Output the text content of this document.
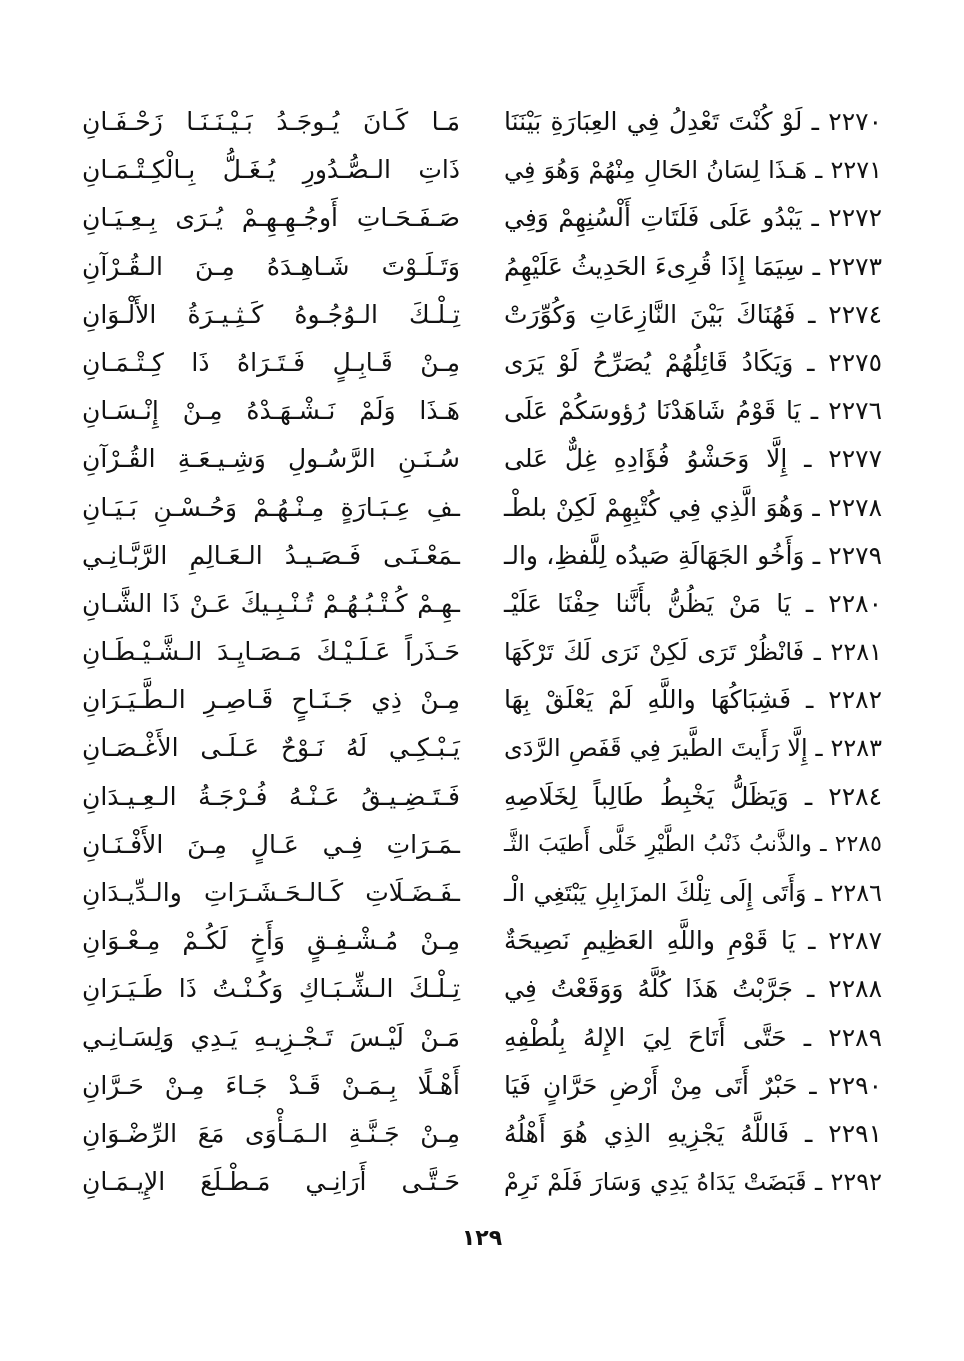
٢٢٧٠ ـ لَوْ كُنْتَ تَعْدِلُ فِي العِبَارَةِ بَيْنَنَا
مَـا كَـانَ يُـوجَـدُ بَـيْـنَـنَـا زَحْـفَـانِ
٢٢٧١ ـ هَـذَا لِسَانُ الحَالِ مِنْهُمْ وَهُوَ فِي
ذَاتِ الـصُّـدُورِ يُـغَـلُّ بِـالْكِـتْـمَـانِ
٢٢٧٢ ـ يَبْدُو عَلَى فَلَتَاتِ أَلْسُنِهِمْ وَفِي
صَـفَـحَـاتِ أَوجُـهِـهِـمْ يُـرَى بِـعِـيَـانِ
٢٢٧٣ ـ سِيَمَا إِذَا قُرِىءَ الحَدِيثُ عَلَيْهِمُ
وَتَـلَـوْتَ شَـاهِـدَهُ مِـنَ الـقُـرْآنِ
٢٢٧٤ ـ فَهُنَاكَ بَيْنَ النَّازِعَاتِ وَكُوِّرَتْ
تِـلْـكَ الـوُجُـوهُ كَـثِـيـرَةُ الأَلْـوَانِ
٢٢٧٥ ـ وَيَكَادُ قَائِلُهُمْ يُصَرِّحُ لَوْ يَرَى
مِـنْ قَـابِـلٍ فَـتَـرَاهُ ذَا كِـتْـمَـانِ
٢٢٧٦ ـ يَا قَوْمُ شَاهَدْنَا رُؤوسَكُمْ عَلَى
هَـذَا وَلَمْ نَـشْـهَـدْهُ مِـنْ إِنْـسَـانِ
٢٢٧٧ ـ إِلَّا وَحَشْوُ فُؤَادِهِ غِلٌّ عَلى
سُـنَـنِ الرَّسُـولِ وَشِـيـعَـةِ القُـرْآنِ
٢٢٧٨ ـ وَهُوَ الَّذِي فِي كُتْبِهِمْ لَكِنْ بلطْـ
ـفِ عِـبَـارَةٍ مِـنْـهُـمْ وَحُـسْـنِ بَـيَـانِ
٢٢٧٩ ـ وَأَخُو الجَهَالَةِ صَيدُه لِلَّفظِ، والـ
ـمَعْـنَـى فَـصَـيـدُ الـعَـالِمِ الرَّبَّـانِـي
٢٢٨٠ ـ يَا مَنْ يَظُنُّ بأَنَّنا حِفْنَا عَلَيْـ
ـهِـمْ كُـتْـبُـهُـمْ تُـنْـبِـيكَ عَـنْ ذَا الشَّـانِ
٢٢٨١ ـ فَانْظُرْ تَرَى لَكِنْ نَرَى لَكَ تَرْكَهَا
حَـذَراً عَـلَـيْـكَ مَـصَـايِـدَ الـشَّـيْـطَـانِ
٢٢٨٢ ـ فَشِبَاكُهَا واللَّهِ لَمْ يَعْلَقْ بِهَا
مِـنْ ذِي جَـنَـاحٍ قَـاصِـرِ الـطَّـيَـرَانِ
٢٢٨٣ ـ إِلَّا رَأَيتَ الطَّيرَ فِي قَفَصِ الرَّدَى
يَـبْـكِـي لَهُ نَـوْحٌ عَـلَـى الأَغْـصَـانِ
٢٢٨٤ ـ وَيَظَلُّ يَخْبِطُ طَالِباً لِخَلَاصِهِ
فَـتَـضِـيـقُ عَـنْـهُ فُـرْجَـةُ الـعِـيـدَانِ
٢٢٨٥ ـ والذَّنبُ ذَنْبُ الطَّيْرِ خَلَّى أَطيَبَ الثَّـ
ـمَـرَاتِ فِـي عَـالٍ مِـنَ الأَفْـنَـانِ
٢٢٨٦ ـ وَأَتَى إِلَى تِلْكَ المزَابِلِ يَبْتَغِي الْـ
ـفَـضَـلَاتِ كَـالـحَـشَـرَاتِ والـدِّيـدَانِ
٢٢٨٧ ـ يَا قَوْمِ واللَّهِ العَظِيمِ نَصِيحَةٌ
مِـنْ مُـشْـفِـقٍ وَأَخٍ لَكُـمْ مِـعْـوَانِ
٢٢٨٨ ـ جَرَّبْتُ هَذَا كُلَّهُ وَوَقَعْتُ فِي
تِـلْـكَ الـشِّـبَـاكِ وَكُـنْـتُ ذَا طَـيَـرَانِ
٢٢٨٩ ـ حَتَّى أَتَاحَ لِيَ الإِلهُ بِلُطْفِهِ
مَـنْ لَيْـسَ تَـجْـزِيـهِ يَـدِي وَلِسَـانِـي
٢٢٩٠ ـ حَبْرٌ أَتَى مِنْ أَرْضِ حَرَّانٍ فَيَا
أَهْـلًا بِـمَـنْ قَـدْ جَـاءَ مِـنْ حَـرَّانِ
٢٢٩١ ـ فَاللَّهُ يَجْزِيهِ الذِي هُوَ أَهْلُهُ
مِـنْ جَـنَّـةِ الـمَـأْوَى مَعَ الرِّضْـوَانِ
٢٢٩٢ ـ قَبَضَتْ يَدَاهُ يَدِي وَسَارَ فَلَمْ نَرِمْ
حَـتَّـى أَرَانِـي مَـطْـلَعَ الإِيـمَـانِ
١٢٩
